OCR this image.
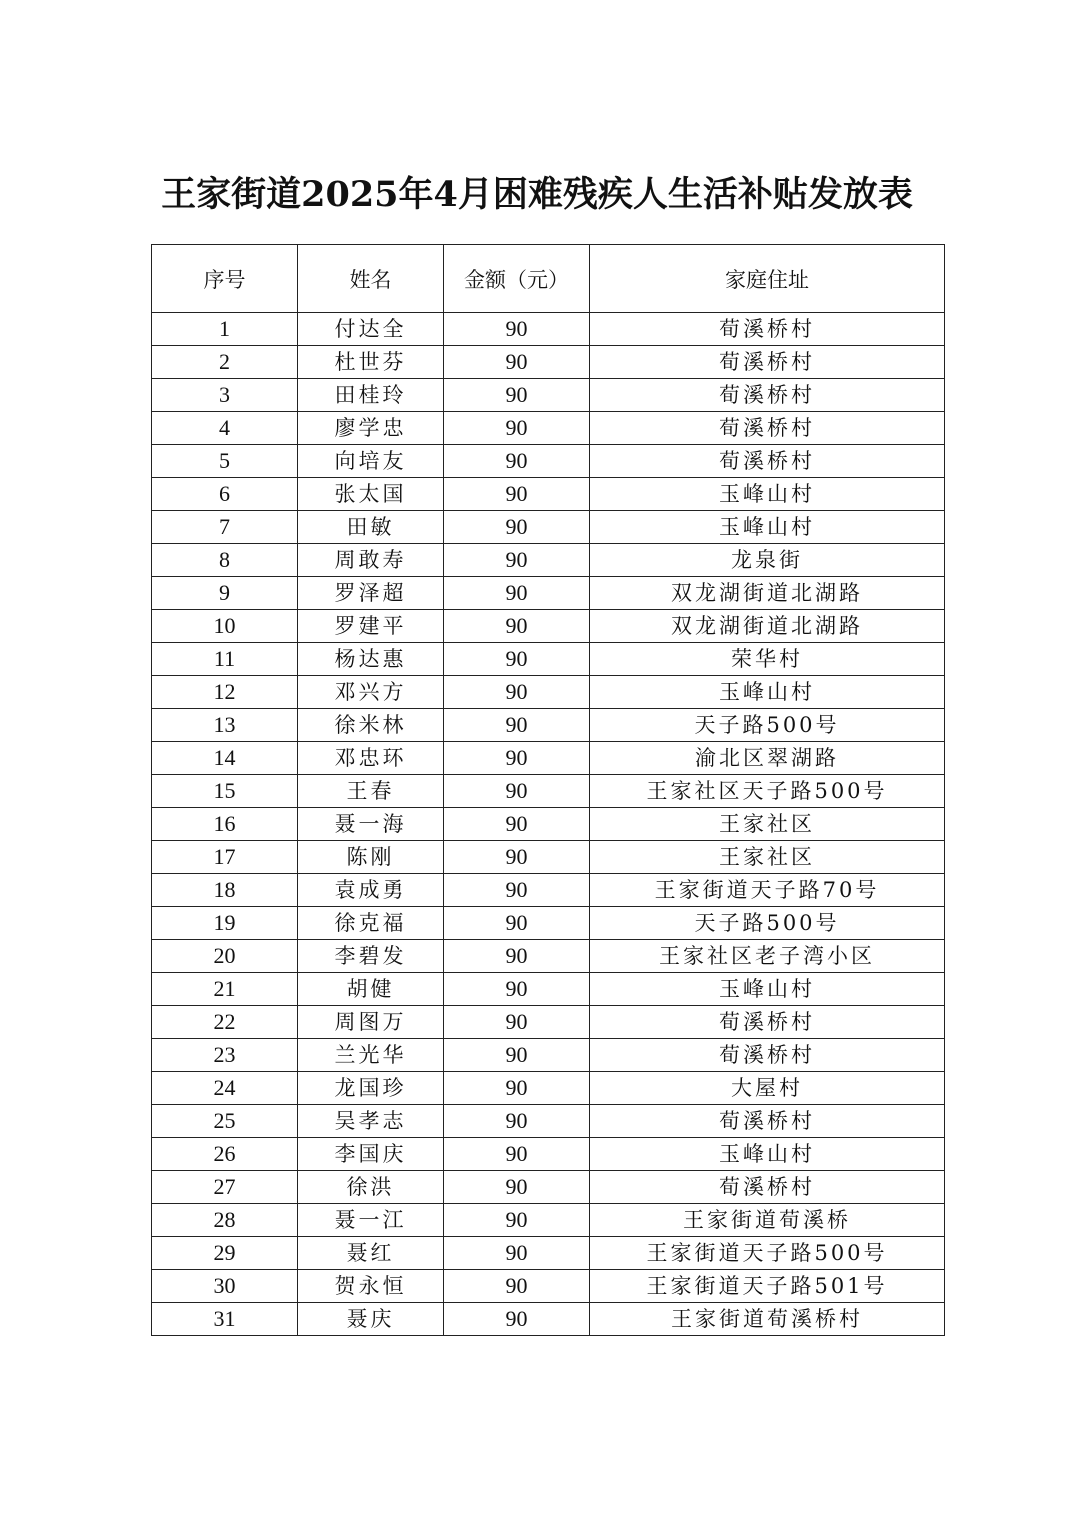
王家街道2025年4月困难残疾人生活补贴发放表
序号	姓名	金额（元）	家庭住址
1	付达全	90	荀溪桥村
2	杜世芬	90	荀溪桥村
3	田桂玲	90	荀溪桥村
4	廖学忠	90	荀溪桥村
5	向培友	90	荀溪桥村
6	张太国	90	玉峰山村
7	田敏	90	玉峰山村
8	周敢寿	90	龙泉街
9	罗泽超	90	双龙湖街道北湖路
10	罗建平	90	双龙湖街道北湖路
11	杨达惠	90	荣华村
12	邓兴方	90	玉峰山村
13	徐米林	90	天子路500号
14	邓忠环	90	渝北区翠湖路
15	王春	90	王家社区天子路500号
16	聂一海	90	王家社区
17	陈刚	90	王家社区
18	袁成勇	90	王家街道天子路70号
19	徐克福	90	天子路500号
20	李碧发	90	王家社区老子湾小区
21	胡健	90	玉峰山村
22	周图万	90	荀溪桥村
23	兰光华	90	荀溪桥村
24	龙国珍	90	大屋村
25	吴孝志	90	荀溪桥村
26	李国庆	90	玉峰山村
27	徐洪	90	荀溪桥村
28	聂一江	90	王家街道荀溪桥
29	聂红	90	王家街道天子路500号
30	贺永恒	90	王家街道天子路501号
31	聂庆	90	王家街道荀溪桥村
